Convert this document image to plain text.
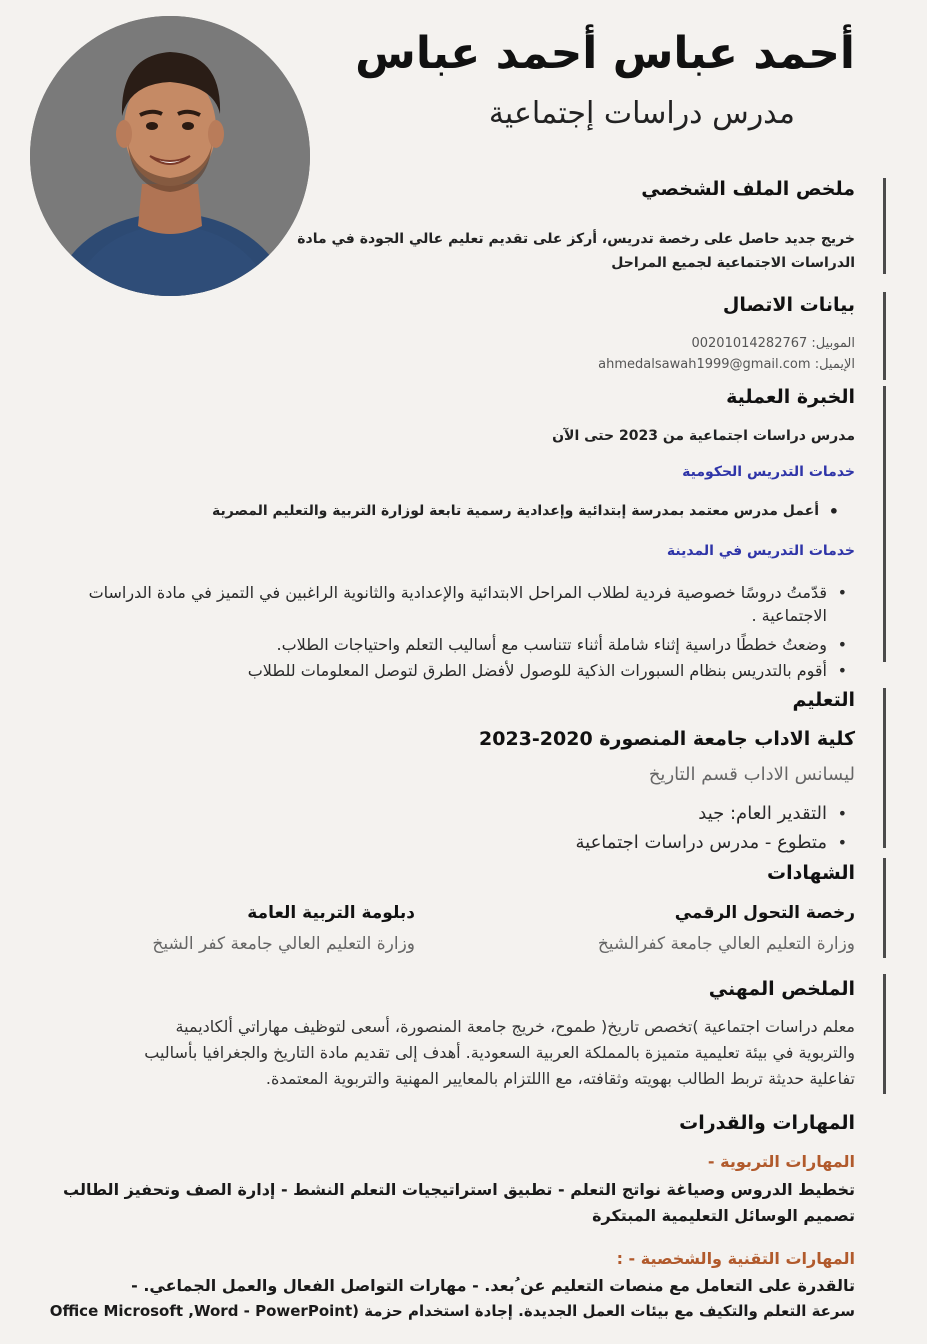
أحمد عباس أحمد عباس
مدرس دراسات إجتماعية
ملخص الملف الشخصي
خريج جديد حاصل على رخصة تدريس، أركز على تقديم تعليم عالي الجودة في مادة
الدراسات الاجتماعية لجميع المراحل
بيانات الاتصال
الموبيل: 00201014282767
الإيميل: ahmedalsawah1999@gmail.com
الخبرة العملية
مدرس دراسات اجتماعية من 2023 حتى الآن
خدمات التدريس الحكومية
• أعمل مدرس معتمد بمدرسة إبتدائية وإعدادية رسمية تابعة لوزارة التربية والتعليم المصرية
خدمات التدريس في المدينة
• قدّمتُ دروسًا خصوصية فردية لطلاب المراحل الابتدائية والإعدادية والثانوية الراغبين في التميز في مادة الدراسات
الاجتماعية .
• وضعتُ خططًا دراسية إثناء شاملة أثناء تتناسب مع أساليب التعلم واحتياجات الطلاب.
• أقوم بالتدريس بنظام السبورات الذكية للوصول لأفضل الطرق لتوصل المعلومات للطلاب
التعليم
كلية الاداب جامعة المنصورة 2020-2023
ليسانس الاداب قسم التاريخ
• التقدير العام: جيد
• متطوع - مدرس دراسات اجتماعية
الشهادات
رخصة التحول الرقمي
وزارة التعليم العالي جامعة كفرالشيخ
دبلومة التربية العامة
وزارة التعليم العالي جامعة كفر الشيخ
الملخص المهني
معلم دراسات اجتماعية )تخصص تاريخ( طموح، خريج جامعة المنصورة، أسعى لتوظيف مهاراتي ألكاديمية
والتربوية في بيئة تعليمية متميزة بالمملكة العربية السعودية. أهدف إلى تقديم مادة التاريخ والجغرافيا بأساليب
تفاعلية حديثة تربط الطالب بهويته وثقافته، مع االلتزام بالمعايير المهنية والتربوية المعتمدة.
المهارات والقدرات
المهارات التربوية -
تخطيط الدروس وصياغة نواتج التعلم - تطبيق استراتيجيات التعلم النشط - إدارة الصف وتحفيز الطالب
تصميم الوسائل التعليمية المبتكرة
المهارات التقنية والشخصية - :
تالقدرة على التعامل مع منصات التعليم عن ُبعد. - مهارات التواصل الفعال والعمل الجماعي. -
سرعة التعلم والتكيف مع بيئات العمل الجديدة. إجادة استخدام حزمة (Office Microsoft ,Word - PowerPoint
